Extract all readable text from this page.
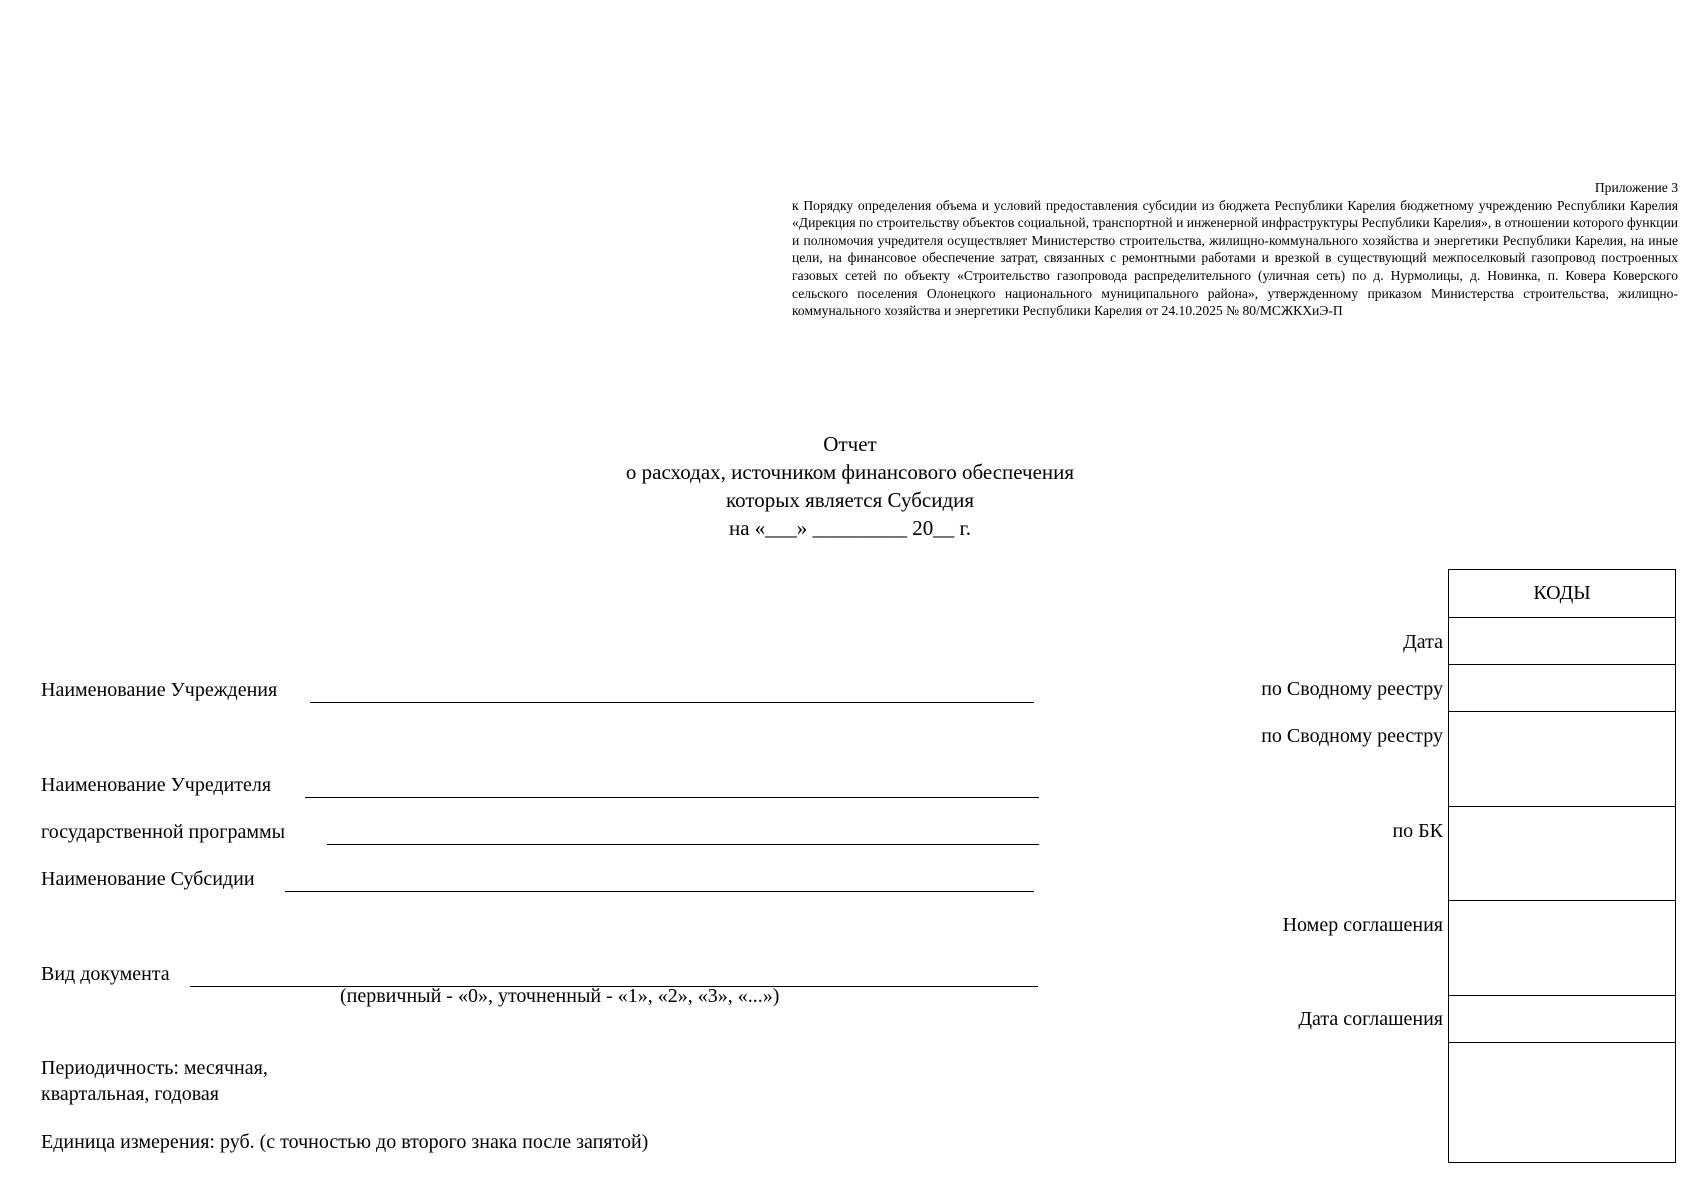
Приложение 3
к Порядку определения объема и условий предоставления субсидии из бюджета Республики Карелия бюджетному учреждению Республики Карелия «Дирекция по строительству объектов социальной, транспортной и инженерной инфраструктуры Республики Карелия», в отношении которого функции и полномочия учредителя осуществляет Министерство строительства, жилищно-коммунального хозяйства и энергетики Республики Карелия, на иные цели, на финансовое обеспечение затрат, связанных с ремонтными работами и врезкой в существующий межпоселковый газопровод построенных газовых сетей по объекту «Строительство газопровода распределительного (уличная сеть) по д. Нурмолицы, д. Новинка, п. Ковера Коверского сельского поселения Олонецкого национального муниципального района», утвержденному приказом Министерства строительства, жилищно-коммунального хозяйства и энергетики Республики Карелия от 24.10.2025 № 80/МСЖКХиЭ-П
Отчет
о расходах, источником финансового обеспечения
которых является Субсидия
на «___» _________ 20__ г.
Наименование Учреждения
Наименование Учредителя
государственной программы
Наименование Субсидии
Вид документа
(первичный - «0», уточненный - «1», «2», «3», «...»)
Периодичность: месячная,
квартальная, годовая
Единица измерения: руб. (с точностью до второго знака после запятой)
Дата
по Сводному реестру
по Сводному реестру
по БК
Номер соглашения
Дата соглашения
КОДЫ
